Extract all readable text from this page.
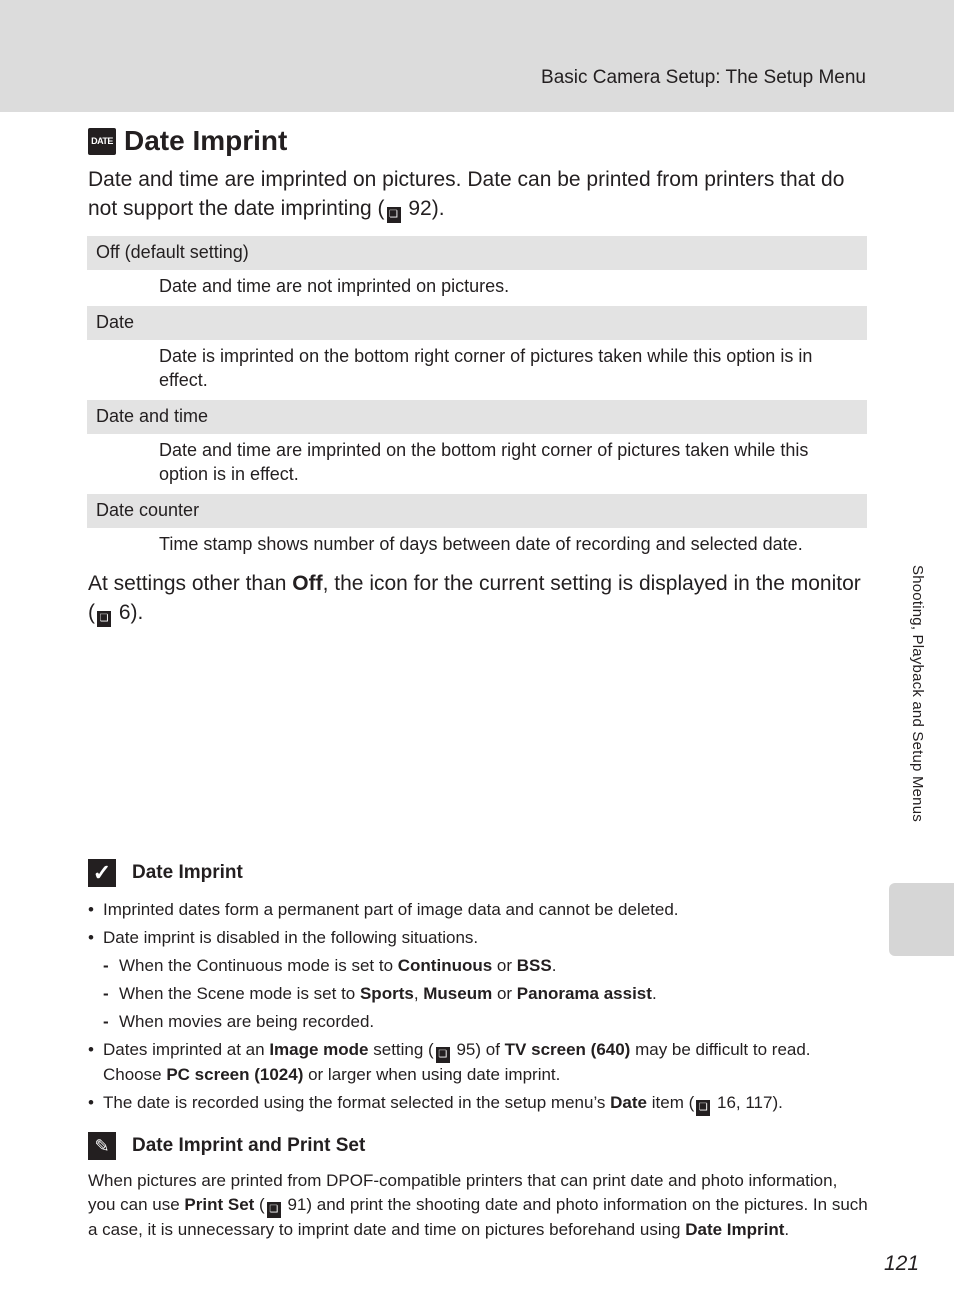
Basic Camera Setup: The Setup Menu
Shooting, Playback and Setup Menus
DATE Date Imprint
Date and time are imprinted on pictures. Date can be printed from printers that do not support the date imprinting ( ❏ 92).
Off (default setting)
Date and time are not imprinted on pictures.
Date
Date is imprinted on the bottom right corner of pictures taken while this option is in effect.
Date and time
Date and time are imprinted on the bottom right corner of pictures taken while this option is in effect.
Date counter
Time stamp shows number of days between date of recording and selected date.
At settings other than Off, the icon for the current setting is displayed in the monitor ( ❏ 6).
✓ Date Imprint
• Imprinted dates form a permanent part of image data and cannot be deleted.
• Date imprint is disabled in the following situations.
- When the Continuous mode is set to Continuous or BSS.
- When the Scene mode is set to Sports, Museum or Panorama assist.
- When movies are being recorded.
• Dates imprinted at an Image mode setting ( ❏ 95) of TV screen (640) may be difficult to read. Choose PC screen (1024) or larger when using date imprint.
• The date is recorded using the format selected in the setup menu’s Date item ( ❏ 16, 117).
✎	Date Imprint and Print Set

When pictures are printed from DPOF-compatible printers that can print date and photo information, you can use Print Set ( ❏ 91) and print the shooting date and photo information on the pictures. In such a case, it is unnecessary to imprint date and time on pictures beforehand using Date Imprint.

121
